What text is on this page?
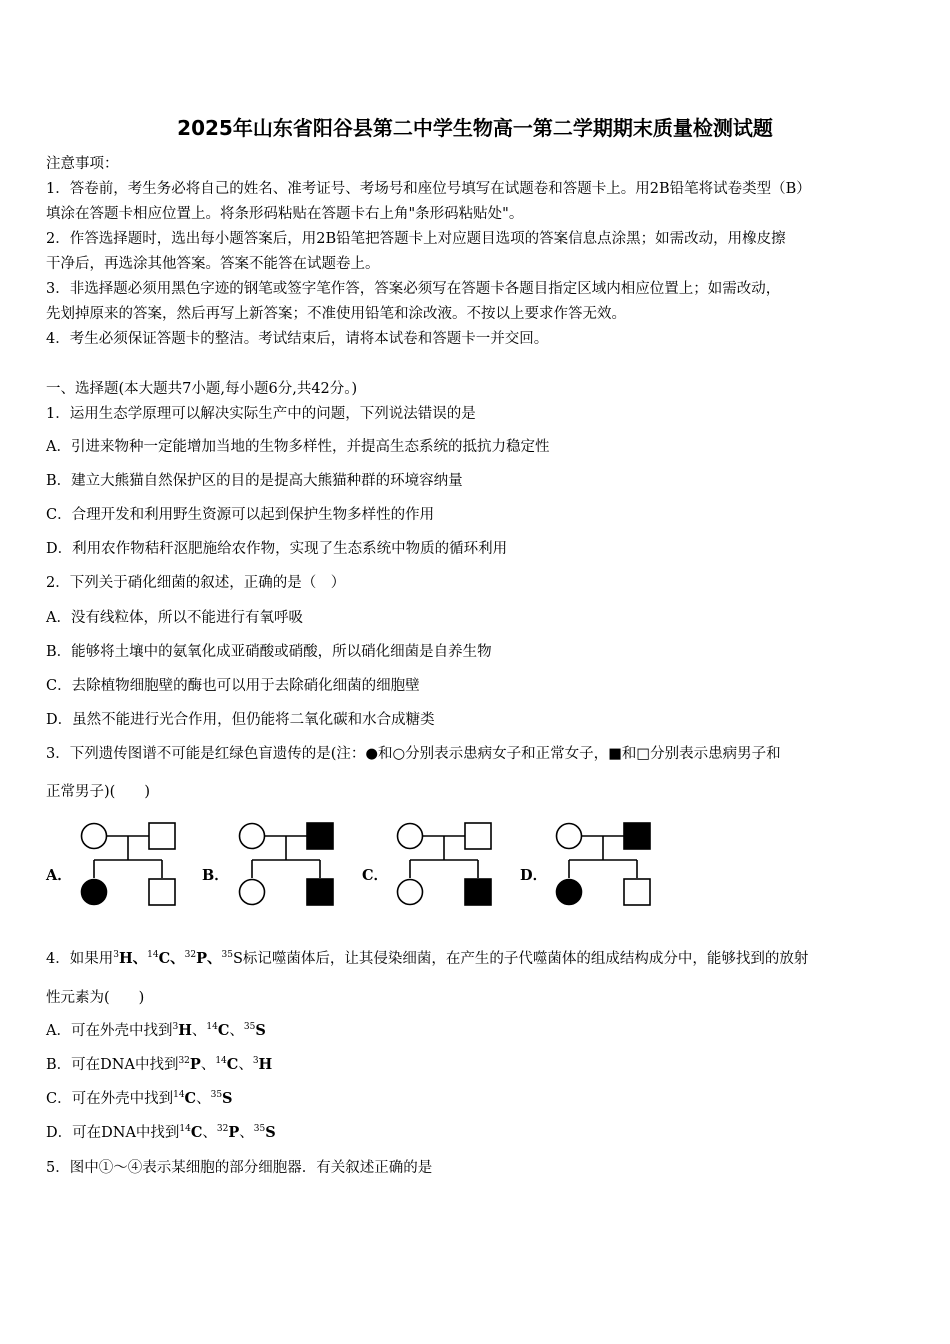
2025年山东省阳谷县第二中学生物高一第二学期期末质量检测试题
注意事项：
1．答卷前，考生务必将自己的姓名、准考证号、考场号和座位号填写在试题卷和答题卡上。用2B铅笔将试卷类型（B）
填涂在答题卡相应位置上。将条形码粘贴在答题卡右上角"条形码粘贴处"。
2．作答选择题时，选出每小题答案后，用2B铅笔把答题卡上对应题目选项的答案信息点涂黑；如需改动，用橡皮擦
干净后，再选涂其他答案。答案不能答在试题卷上。
3．非选择题必须用黑色字迹的钢笔或签字笔作答，答案必须写在答题卡各题目指定区域内相应位置上；如需改动，
先划掉原来的答案，然后再写上新答案；不准使用铅笔和涂改液。不按以上要求作答无效。
4．考生必须保证答题卡的整洁。考试结束后，请将本试卷和答题卡一并交回。
一、选择题(本大题共7小题,每小题6分,共42分。)
1．运用生态学原理可以解决实际生产中的问题，下列说法错误的是
A．引进来物种一定能增加当地的生物多样性，并提高生态系统的抵抗力稳定性
B．建立大熊猫自然保护区的目的是提高大熊猫种群的环境容纳量
C．合理开发和利用野生资源可以起到保护生物多样性的作用
D．利用农作物秸秆沤肥施给农作物，实现了生态系统中物质的循环利用
2．下列关于硝化细菌的叙述，正确的是（　）
A．没有线粒体，所以不能进行有氧呼吸
B．能够将土壤中的氨氧化成亚硝酸或硝酸，所以硝化细菌是自养生物
C．去除植物细胞壁的酶也可以用于去除硝化细菌的细胞壁
D．虽然不能进行光合作用，但仍能将二氧化碳和水合成糖类
3．下列遗传图谱不可能是红绿色盲遗传的是(注：●和○分别表示患病女子和正常女子，■和□分别表示患病男子和
正常男子)(　　)
A．	B．	C．	D．
4．如果用$^3$H、$^{14}$C、$^{32}$P、$^{35}$S标记噬菌体后，让其侵染细菌，在产生的子代噬菌体的组成结构成分中，能够找到的放射
性元素为(　　)
A．可在外壳中找到$^3$H、$^{14}$C、$^{35}$S
B．可在DNA中找到$^{32}$P、$^{14}$C、$^3$H
C．可在外壳中找到$^{14}$C、$^{35}$S
D．可在DNA中找到$^{14}$C、$^{32}$P、$^{35}$S
5．图中①～④表示某细胞的部分细胞器．有关叙述正确的是
